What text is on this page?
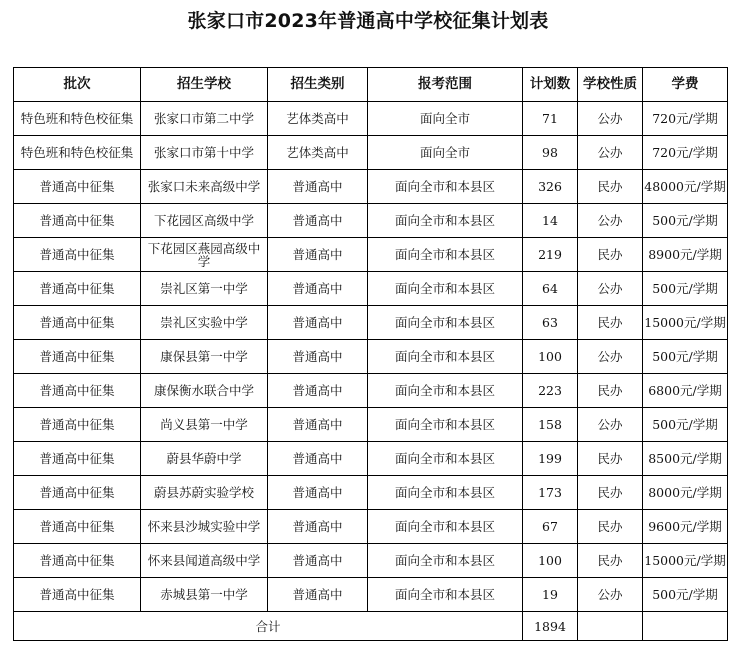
张家口市2023年普通高中学校征集计划表
批次	招生学校	招生类别	报考范围	计划数	学校性质	学费
特色班和特色校征集	张家口市第二中学	艺体类高中	面向全市	71	公办	720元/学期
特色班和特色校征集	张家口市第十中学	艺体类高中	面向全市	98	公办	720元/学期
普通高中征集	张家口未来高级中学	普通高中	面向全市和本县区	326	民办	48000元/学期
普通高中征集	下花园区高级中学	普通高中	面向全市和本县区	14	公办	500元/学期
普通高中征集	下花园区燕园高级中学	普通高中	面向全市和本县区	219	民办	8900元/学期
普通高中征集	崇礼区第一中学	普通高中	面向全市和本县区	64	公办	500元/学期
普通高中征集	崇礼区实验中学	普通高中	面向全市和本县区	63	民办	15000元/学期
普通高中征集	康保县第一中学	普通高中	面向全市和本县区	100	公办	500元/学期
普通高中征集	康保衡水联合中学	普通高中	面向全市和本县区	223	民办	6800元/学期
普通高中征集	尚义县第一中学	普通高中	面向全市和本县区	158	公办	500元/学期
普通高中征集	蔚县华蔚中学	普通高中	面向全市和本县区	199	民办	8500元/学期
普通高中征集	蔚县苏蔚实验学校	普通高中	面向全市和本县区	173	民办	8000元/学期
普通高中征集	怀来县沙城实验中学	普通高中	面向全市和本县区	67	民办	9600元/学期
普通高中征集	怀来县闻道高级中学	普通高中	面向全市和本县区	100	民办	15000元/学期
普通高中征集	赤城县第一中学	普通高中	面向全市和本县区	19	公办	500元/学期
合计				1894		
